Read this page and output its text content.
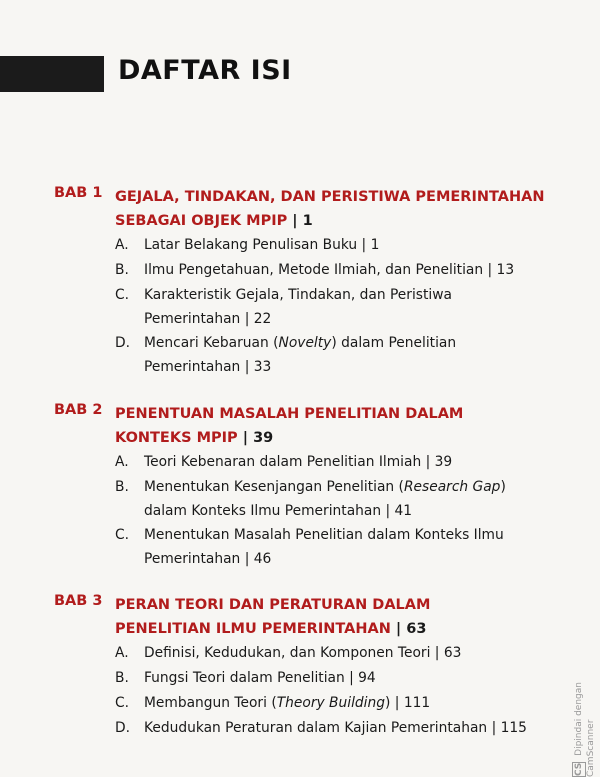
DAFTAR ISI
BAB 1 GEJALA, TINDAKAN, DAN PERISTIWA PEMERINTAHAN SEBAGAI OBJEK MPIP | 1
A. Latar Belakang Penulisan Buku | 1
B. Ilmu Pengetahuan, Metode Ilmiah, dan Penelitian | 13
C. Karakteristik Gejala, Tindakan, dan Peristiwa Pemerintahan | 22
D. Mencari Kebaruan (Novelty) dalam Penelitian Pemerintahan | 33
BAB 2 PENENTUAN MASALAH PENELITIAN DALAM KONTEKS MPIP | 39
A. Teori Kebenaran dalam Penelitian Ilmiah | 39
B. Menentukan Kesenjangan Penelitian (Research Gap) dalam Konteks Ilmu Pemerintahan | 41
C. Menentukan Masalah Penelitian dalam Konteks Ilmu Pemerintahan | 46
BAB 3 PERAN TEORI DAN PERATURAN DALAM PENELITIAN ILMU PEMERINTAHAN | 63
A. Definisi, Kedudukan, dan Komponen Teori | 63
B. Fungsi Teori dalam Penelitian | 94
C. Membangun Teori (Theory Building) | 111
D. Kedudukan Peraturan dalam Kajian Pemerintahan | 115
CS Dipindai dengan CamScanner
